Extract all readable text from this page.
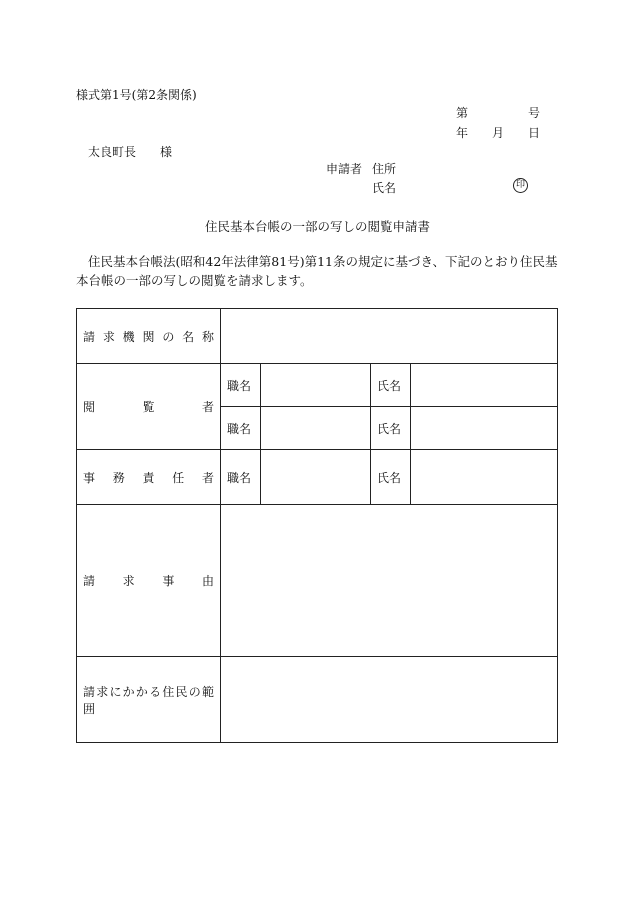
様式第1号(第2条関係)
第	号
年 月 日
太良町長 様
申請者 住所
氏名	印
住民基本台帳の一部の写しの閲覧申請書
住民基本台帳法(昭和42年法律第81号)第11条の規定に基づき、下記のとおり住民基本台帳の一部の写しの閲覧を請求します。
請求機関の名称				
閲覧者	職名		氏名	
	職名		氏名	
事務責任者	職名		氏名	
請求事由				
請求にかかる住民の範囲				
